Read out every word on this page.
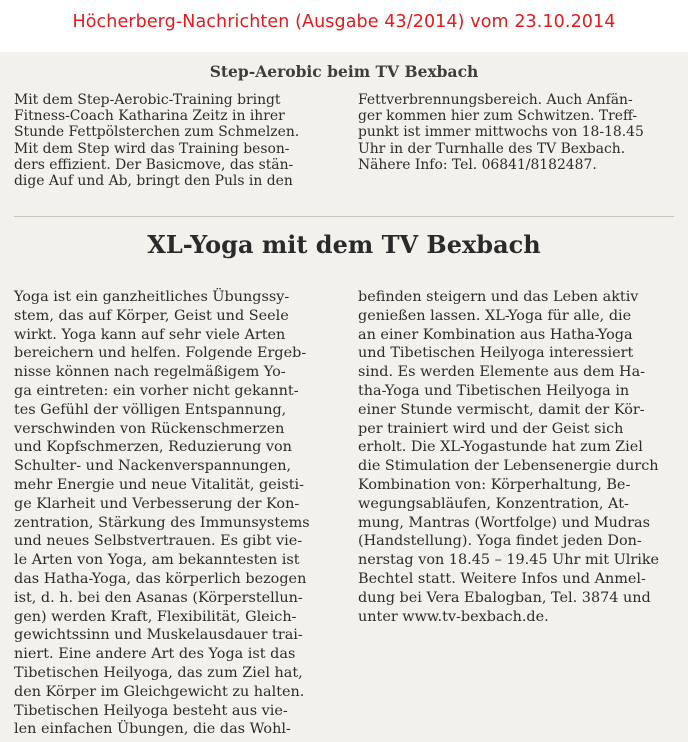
Höcherberg-Nachrichten (Ausgabe 43/2014) vom 23.10.2014
Step-Aerobic beim TV Bexbach
Mit dem Step-Aerobic-Training bringt
Fitness-Coach Katharina Zeitz in ihrer
Stunde Fettpölsterchen zum Schmelzen.
Mit dem Step wird das Training beson-
ders effizient. Der Basicmove, das stän-
dige Auf und Ab, bringt den Puls in den
Fettverbrennungsbereich. Auch Anfän-
ger kommen hier zum Schwitzen. Treff-
punkt ist immer mittwochs von 18-18.45
Uhr in der Turnhalle des TV Bexbach.
Nähere Info: Tel. 06841/8182487.
XL-Yoga mit dem TV Bexbach
Yoga ist ein ganzheitliches Übungssy-
stem, das auf Körper, Geist und Seele
wirkt. Yoga kann auf sehr viele Arten
bereichern und helfen. Folgende Ergeb-
nisse können nach regelmäßigem Yo-
ga eintreten: ein vorher nicht gekannt-
tes Gefühl der völligen Entspannung,
verschwinden von Rückenschmerzen
und Kopfschmerzen, Reduzierung von
Schulter- und Nackenverspannungen,
mehr Energie und neue Vitalität, geisti-
ge Klarheit und Verbesserung der Kon-
zentration, Stärkung des Immunsystems
und neues Selbstvertrauen. Es gibt vie-
le Arten von Yoga, am bekanntesten ist
das Hatha-Yoga, das körperlich bezogen
ist, d. h. bei den Asanas (Körperstellun-
gen) werden Kraft, Flexibilität, Gleich-
gewichtssinn und Muskelausdauer trai-
niert. Eine andere Art des Yoga ist das
Tibetischen Heilyoga, das zum Ziel hat,
den Körper im Gleichgewicht zu halten.
Tibetischen Heilyoga besteht aus vie-
len einfachen Übungen, die das Wohl-
befinden steigern und das Leben aktiv
genießen lassen. XL-Yoga für alle, die
an einer Kombination aus Hatha-Yoga
und Tibetischen Heilyoga interessiert
sind. Es werden Elemente aus dem Ha-
tha-Yoga und Tibetischen Heilyoga in
einer Stunde vermischt, damit der Kör-
per trainiert wird und der Geist sich
erholt. Die XL-Yogastunde hat zum Ziel
die Stimulation der Lebensenergie durch
Kombination von: Körperhaltung, Be-
wegungsabläufen, Konzentration, At-
mung, Mantras (Wortfolge) und Mudras
(Handstellung). Yoga findet jeden Don-
nerstag von 18.45 – 19.45 Uhr mit Ulrike
Bechtel statt. Weitere Infos und Anmel-
dung bei Vera Ebalogban, Tel. 3874 und
unter www.tv-bexbach.de.
